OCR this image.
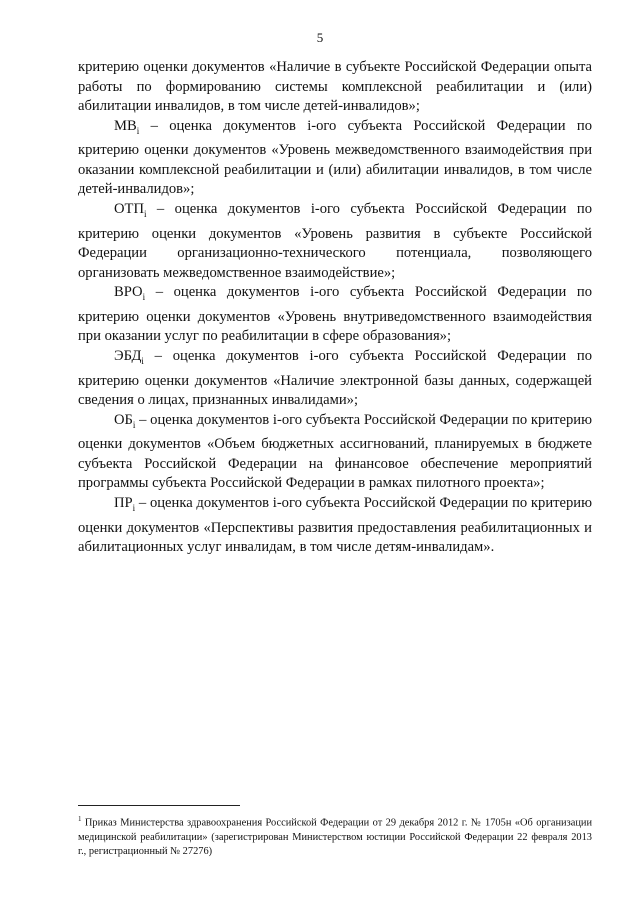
5

критерию оценки документов «Наличие в субъекте Российской Федерации опыта работы по формированию системы комплексной реабилитации и (или) абилитации инвалидов, в том числе детей-инвалидов»;

$МВ_i$ – оценка документов i-ого субъекта Российской Федерации по критерию оценки документов «Уровень межведомственного взаимодействия при оказании комплексной реабилитации и (или) абилитации инвалидов, в том числе детей-инвалидов»;

$ОТП_i$ – оценка документов i-ого субъекта Российской Федерации по критерию оценки документов «Уровень развития в субъекте Российской Федерации организационно-технического потенциала, позволяющего организовать межведомственное взаимодействие»;

$ВРО_i$ – оценка документов i-ого субъекта Российской Федерации по критерию оценки документов «Уровень внутриведомственного взаимодействия при оказании услуг по реабилитации в сфере образования»;

$ЭБД_i$ – оценка документов i-ого субъекта Российской Федерации по критерию оценки документов «Наличие электронной базы данных, содержащей сведения о лицах, признанных инвалидами»;

$ОБ_i$ – оценка документов i-ого субъекта Российской Федерации по критерию оценки документов «Объем бюджетных ассигнований, планируемых в бюджете субъекта Российской Федерации на финансовое обеспечение мероприятий программы субъекта Российской Федерации в рамках пилотного проекта»;

$ПР_i$ – оценка документов i-ого субъекта Российской Федерации по критерию оценки документов «Перспективы развития предоставления реабилитационных и абилитационных услуг инвалидам, в том числе детям-инвалидам».

$^1$ Приказ Министерства здравоохранения Российской Федерации от 29 декабря 2012 г. № 1705н «Об организации медицинской реабилитации» (зарегистрирован Министерством юстиции Российской Федерации 22 февраля 2013 г., регистрационный № 27276)
